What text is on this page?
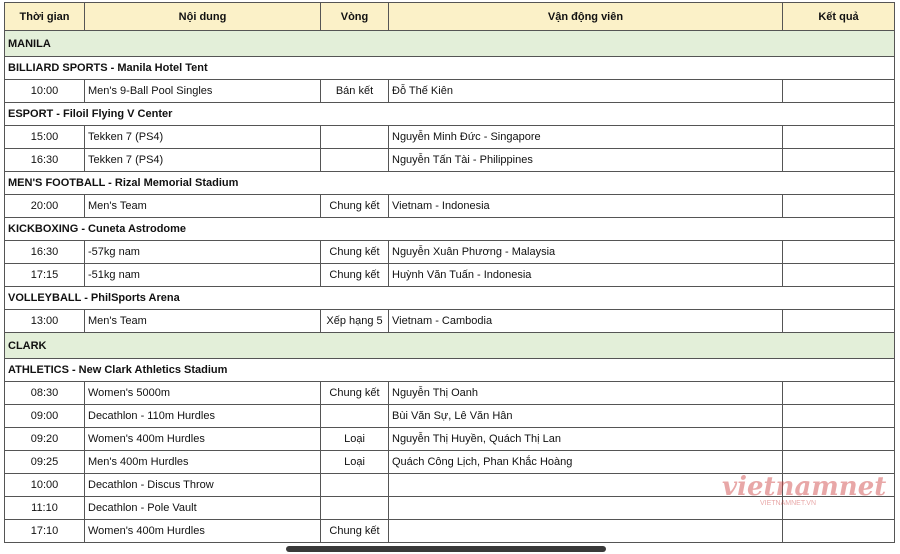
Thời gian	Nội dung	Vòng	Vận động viên	Kết quả
MANILA				
BILLIARD SPORTS - Manila Hotel Tent				
10:00	Men's 9-Ball Pool Singles	Bán kết	Đỗ Thế Kiên	
ESPORT - Filoil Flying V Center				
15:00	Tekken 7 (PS4)		Nguyễn Minh Đức - Singapore	
16:30	Tekken 7 (PS4)		Nguyễn Tấn Tài - Philippines	
MEN'S FOOTBALL - Rizal Memorial Stadium				
20:00	Men's Team	Chung kết	Vietnam - Indonesia	
KICKBOXING - Cuneta Astrodome				
16:30	-57kg nam	Chung kết	Nguyễn Xuân Phương - Malaysia	
17:15	-51kg nam	Chung kết	Huỳnh Văn Tuấn - Indonesia	
VOLLEYBALL - PhilSports Arena				
13:00	Men's Team	Xếp hạng 5	Vietnam - Cambodia	
CLARK				
ATHLETICS - New Clark Athletics Stadium				
08:30	Women's 5000m	Chung kết	Nguyễn Thị Oanh	
09:00	Decathlon - 110m Hurdles		Bùi Văn Sự, Lê Văn Hân	
09:20	Women's 400m Hurdles	Loại	Nguyễn Thị Huyền, Quách Thị Lan	
09:25	Men's 400m Hurdles	Loại	Quách Công Lịch, Phan Khắc Hoàng	
10:00	Decathlon - Discus Throw			
11:10	Decathlon - Pole Vault			
17:10	Women's 400m Hurdles	Chung kết		
vietnamnet
VIETNAMNET.VN
